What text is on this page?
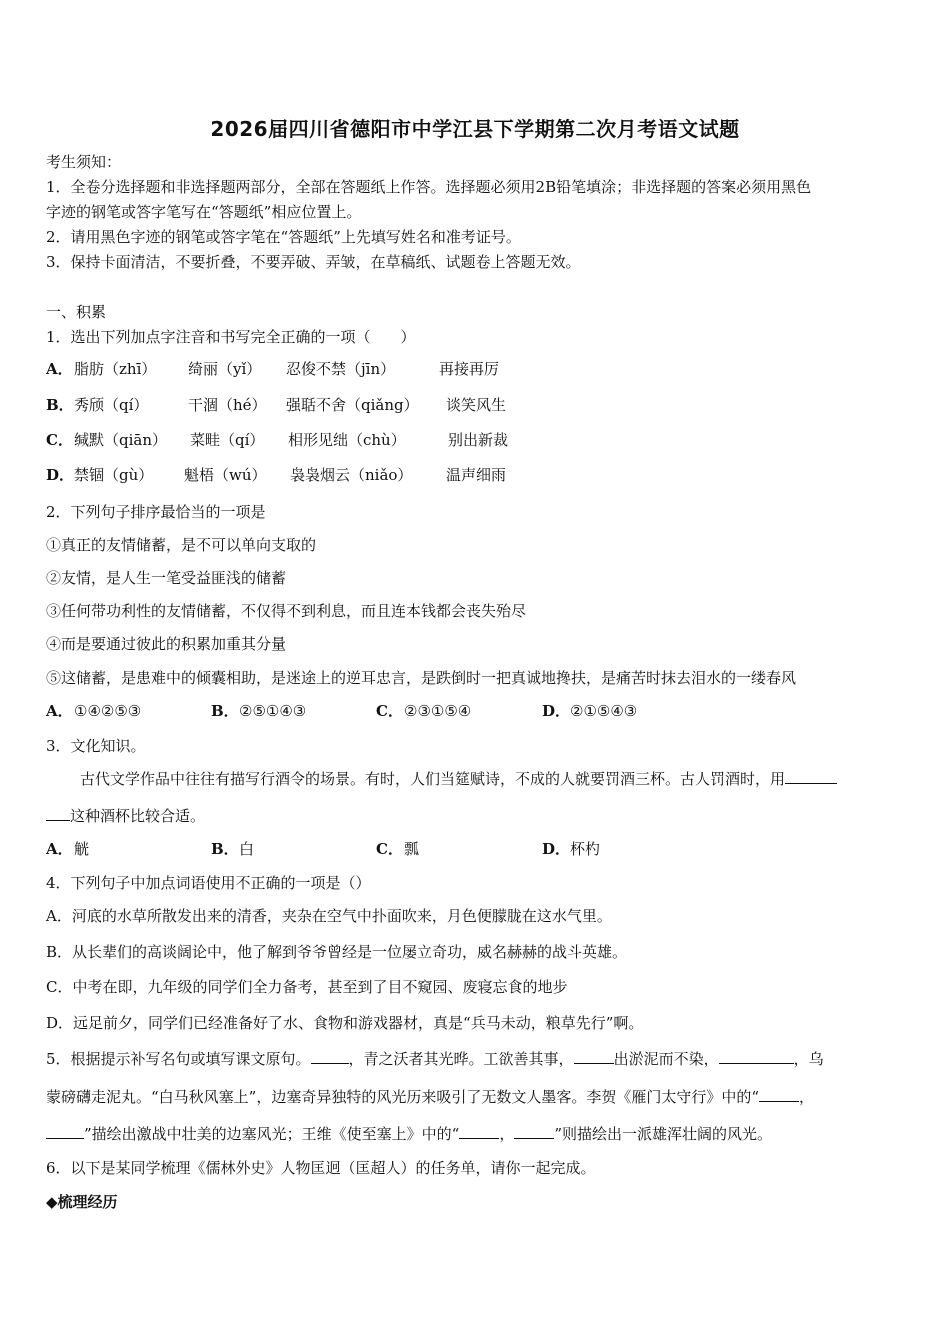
2026届四川省德阳市中学江县下学期第二次月考语文试题
考生须知：
1．全卷分选择题和非选择题两部分，全部在答题纸上作答。选择题必须用2B铅笔填涂；非选择题的答案必须用黑色
字迹的钢笔或答字笔写在“答题纸”相应位置上。
2．请用黑色字迹的钢笔或答字笔在“答题纸”上先填写姓名和准考证号。
3．保持卡面清洁，不要折叠，不要弄破、弄皱，在草稿纸、试题卷上答题无效。
一、积累
1．选出下列加点字注音和书写完全正确的一项（　　）
A． 脂肪（zhī） 绮丽（yǐ） 忍俊不禁（jīn）	再接再厉
B． 秀颀（qí）	干涸（hé） 强聒不舍（qiǎng） 谈笑风生
C． 缄默（qiān） 菜畦（qí） 相形见绌（chù）	别出新裁
D． 禁锢（gù） 魁梧（wú） 袅袅烟云（niǎo） 温声细雨
2．下列句子排序最恰当的一项是
①真正的友情储蓄，是不可以单向支取的
②友情，是人生一笔受益匪浅的储蓄
③任何带功利性的友情储蓄，不仅得不到利息，而且连本钱都会丧失殆尽
④而是要通过彼此的积累加重其分量
⑤这储蓄，是患难中的倾囊相助，是迷途上的逆耳忠言，是跌倒时一把真诚地搀扶，是痛苦时抹去泪水的一缕春风
A． ①④②⑤③	B． ②⑤①④③	C． ②③①⑤④	D． ②①⑤④③
3．文化知识。
古代文学作品中往往有描写行酒令的场景。有时，人们当筵赋诗，不成的人就要罚酒三杯。古人罚酒时，用
这种酒杯比较合适。
A． 觥	B． 白	C． 瓢	D． 杯杓
4．下列句子中加点词语使用不正确的一项是（）
A．河底的水草所散发出来的清香，夹杂在空气中扑面吹来，月色便朦胧在这水气里。
B．从长辈们的高谈阔论中，他了解到爷爷曾经是一位屡立奇功，威名赫赫的战斗英雄。
C．中考在即，九年级的同学们全力备考，甚至到了目不窥园、废寝忘食的地步
D．远足前夕，同学们已经准备好了水、食物和游戏器材，真是“兵马未动，粮草先行”啊。
5．根据提示补写名句或填写课文原句。	，青之沃者其光晔。工欲善其事，	出淤泥而不染，	，乌
蒙磅礴走泥丸。“白马秋风塞上”，边塞奇异独特的风光历来吸引了无数文人墨客。李贺《雁门太守行》中的“	，
”描绘出激战中壮美的边塞风光；王维《使至塞上》中的“	，	”则描绘出一派雄浑壮阔的风光。
6．以下是某同学梳理《儒林外史》人物匡迥（匡超人）的任务单，请你一起完成。
◆梳理经历
